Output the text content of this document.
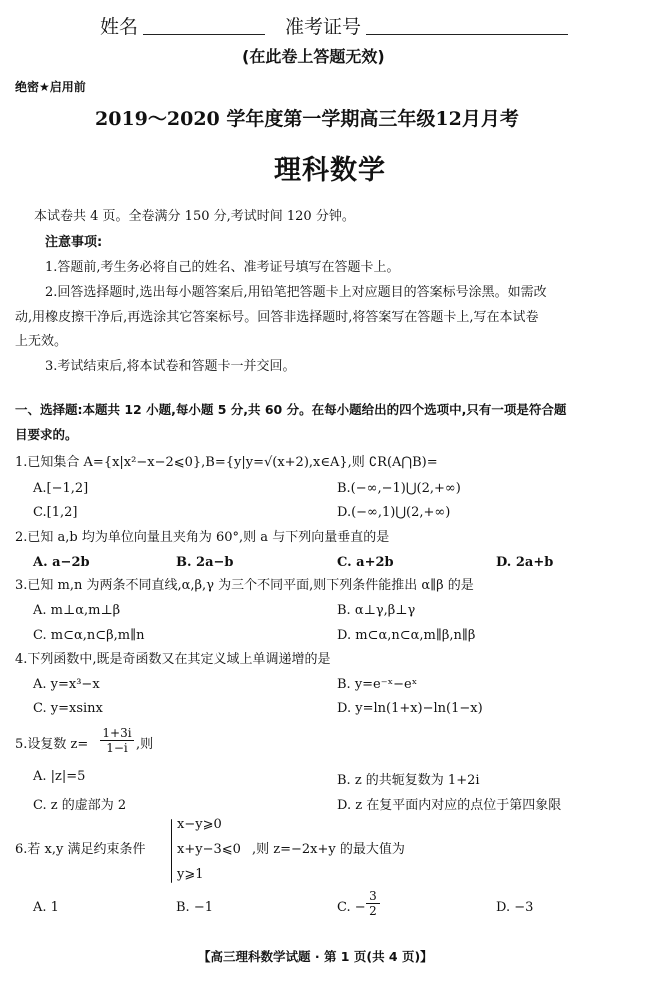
姓名	准考证号
(在此卷上答题无效)
绝密★启用前
2019～2020 学年度第一学期高三年级12月月考
理科数学
本试卷共 4 页。全卷满分 150 分,考试时间 120 分钟。
注意事项:
1.答题前,考生务必将自己的姓名、准考证号填写在答题卡上。
2.回答选择题时,选出每小题答案后,用铅笔把答题卡上对应题目的答案标号涂黑。如需改
动,用橡皮擦干净后,再选涂其它答案标号。回答非选择题时,将答案写在答题卡上,写在本试卷
上无效。
3.考试结束后,将本试卷和答题卡一并交回。
一、选择题:本题共 12 小题,每小题 5 分,共 60 分。在每小题给出的四个选项中,只有一项是符合题
目要求的。
1.已知集合 A={x|x²−x−2⩽0},B={y|y=√(x+2),x∈A},则 ∁R(A⋂B)=
A.[−1,2]	B.(−∞,−1)⋃(2,+∞)
C.[1,2]	D.(−∞,1)⋃(2,+∞)
2.已知 a,b 均为单位向量且夹角为 60°,则 a 与下列向量垂直的是
A. a−2b	B. 2a−b	C. a+2b	D. 2a+b
3.已知 m,n 为两条不同直线,α,β,γ 为三个不同平面,则下列条件能推出 α∥β 的是
A. m⊥α,m⊥β	B. α⊥γ,β⊥γ
C. m⊂α,n⊂β,m∥n	D. m⊂α,n⊂α,m∥β,n∥β
4.下列函数中,既是奇函数又在其定义域上单调递增的是
A. y=x³−x	B. y=e⁻ˣ−eˣ
C. y=xsinx	D. y=ln(1+x)−ln(1−x)
5.设复数 $z= \frac{1+3i}{1-i}$ ,则
A. |z|=5	B. z 的共轭复数为 1+2i
C. z 的虚部为 2	D. z 在复平面内对应的点位于第四象限
6.若 x,y 满足约束条件
x−y⩾0
x+y−3⩽0
y⩾1
,则 z=−2x+y 的最大值为
A. 1	B. −1	C. − $\frac{3}{2}$	D. −3
【高三理科数学试题 · 第 1 页(共 4 页)】
